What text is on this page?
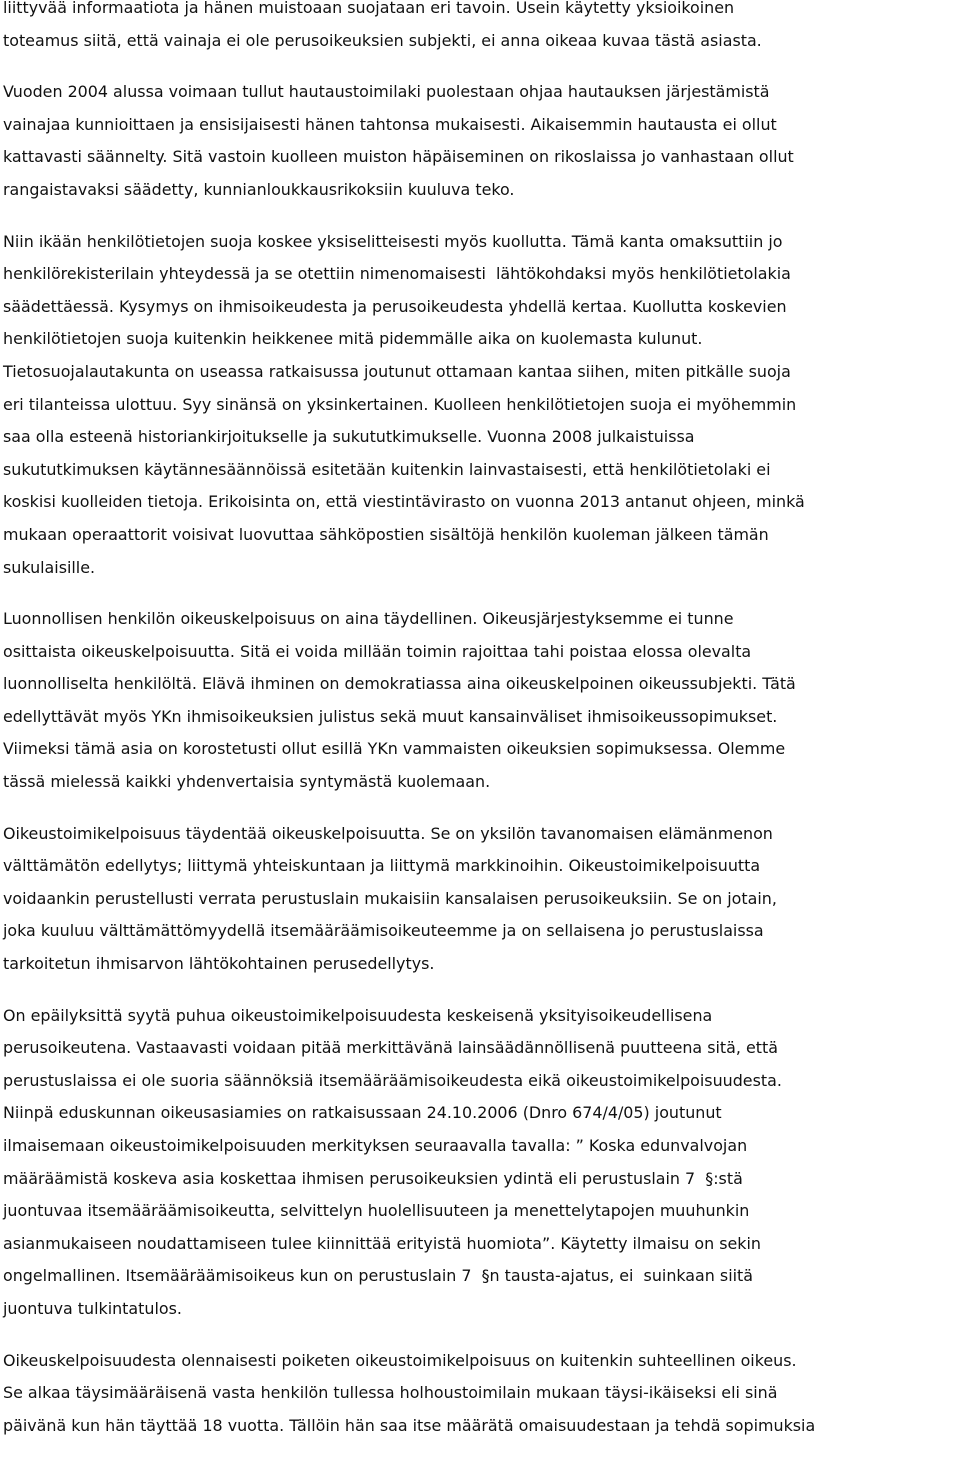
liittyvää informaatiota ja hänen muistoaan suojataan eri tavoin. Usein käytetty yksioikoinen
toteamus siitä, että vainaja ei ole perusoikeuksien subjekti, ei anna oikeaa kuvaa tästä asiasta.
Vuoden 2004 alussa voimaan tullut hautaustoimilaki puolestaan ohjaa hautauksen järjestämistä
vainajaa kunnioittaen ja ensisijaisesti hänen tahtonsa mukaisesti. Aikaisemmin hautausta ei ollut
kattavasti säännelty. Sitä vastoin kuolleen muiston häpäiseminen on rikoslaissa jo vanhastaan ollut
rangaistavaksi säädetty, kunnianloukkausrikoksiin kuuluva teko.
Niin ikään henkilötietojen suoja koskee yksiselitteisesti myös kuollutta. Tämä kanta omaksuttiin jo
henkilörekisterilain yhteydessä ja se otettiin nimenomaisesti  lähtökohdaksi myös henkilötietolakia
säädettäessä. Kysymys on ihmisoikeudesta ja perusoikeudesta yhdellä kertaa. Kuollutta koskevien
henkilötietojen suoja kuitenkin heikkenee mitä pidemmälle aika on kuolemasta kulunut.
Tietosuojalautakunta on useassa ratkaisussa joutunut ottamaan kantaa siihen, miten pitkälle suoja
eri tilanteissa ulottuu. Syy sinänsä on yksinkertainen. Kuolleen henkilötietojen suoja ei myöhemmin
saa olla esteenä historiankirjoitukselle ja sukututkimukselle. Vuonna 2008 julkaistuissa
sukututkimuksen käytännesäännöissä esitetään kuitenkin lainvastaisesti, että henkilötietolaki ei
koskisi kuolleiden tietoja. Erikoisinta on, että viestintävirasto on vuonna 2013 antanut ohjeen, minkä
mukaan operaattorit voisivat luovuttaa sähköpostien sisältöjä henkilön kuoleman jälkeen tämän
sukulaisille.
Luonnollisen henkilön oikeuskelpoisuus on aina täydellinen. Oikeusjärjestyksemme ei tunne
osittaista oikeuskelpoisuutta. Sitä ei voida millään toimin rajoittaa tahi poistaa elossa olevalta
luonnolliselta henkilöltä. Elävä ihminen on demokratiassa aina oikeuskelpoinen oikeussubjekti. Tätä
edellyttävät myös YKn ihmisoikeuksien julistus sekä muut kansainväliset ihmisoikeussopimukset.
Viimeksi tämä asia on korostetusti ollut esillä YKn vammaisten oikeuksien sopimuksessa. Olemme
tässä mielessä kaikki yhdenvertaisia syntymästä kuolemaan.
Oikeustoimikelpoisuus täydentää oikeuskelpoisuutta. Se on yksilön tavanomaisen elämänmenon
välttämätön edellytys; liittymä yhteiskuntaan ja liittymä markkinoihin. Oikeustoimikelpoisuutta
voidaankin perustellusti verrata perustuslain mukaisiin kansalaisen perusoikeuksiin. Se on jotain,
joka kuuluu välttämättömyydellä itsemääräämisoikeuteemme ja on sellaisena jo perustuslaissa
tarkoitetun ihmisarvon lähtökohtainen perusedellytys.
On epäilyksittä syytä puhua oikeustoimikelpoisuudesta keskeisenä yksityisoikeudellisena
perusoikeutena. Vastaavasti voidaan pitää merkittävänä lainsäädännöllisenä puutteena sitä, että
perustuslaissa ei ole suoria säännöksiä itsemääräämisoikeudesta eikä oikeustoimikelpoisuudesta.
Niinpä eduskunnan oikeusasiamies on ratkaisussaan 24.10.2006 (Dnro 674/4/05) joutunut
ilmaisemaan oikeustoimikelpoisuuden merkityksen seuraavalla tavalla: ” Koska edunvalvojan
määräämistä koskeva asia koskettaa ihmisen perusoikeuksien ydintä eli perustuslain 7  §:stä
juontuvaa itsemääräämisoikeutta, selvittelyn huolellisuuteen ja menettelytapojen muuhunkin
asianmukaiseen noudattamiseen tulee kiinnittää erityistä huomiota”. Käytetty ilmaisu on sekin
ongelmallinen. Itsemääräämisoikeus kun on perustuslain 7  §n tausta-ajatus, ei  suinkaan siitä
juontuva tulkintatulos.
Oikeuskelpoisuudesta olennaisesti poiketen oikeustoimikelpoisuus on kuitenkin suhteellinen oikeus.
Se alkaa täysimääräisenä vasta henkilön tullessa holhoustoimilain mukaan täysi-ikäiseksi eli sinä
päivänä kun hän täyttää 18 vuotta. Tällöin hän saa itse määrätä omaisuudestaan ja tehdä sopimuksia
